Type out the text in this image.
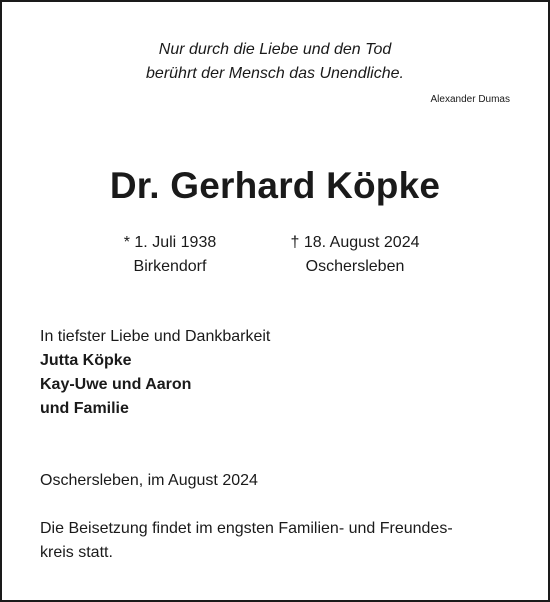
Nur durch die Liebe und den Tod
berührt der Mensch das Unendliche.
Alexander Dumas
Dr. Gerhard Köpke
* 1. Juli 1938
Birkendorf
† 18. August 2024
Oschersleben
In tiefster Liebe und Dankbarkeit
Jutta Köpke
Kay-Uwe und Aaron
und Familie
Oschersleben, im August 2024
Die Beisetzung findet im engsten Familien- und Freundes-
kreis statt.
